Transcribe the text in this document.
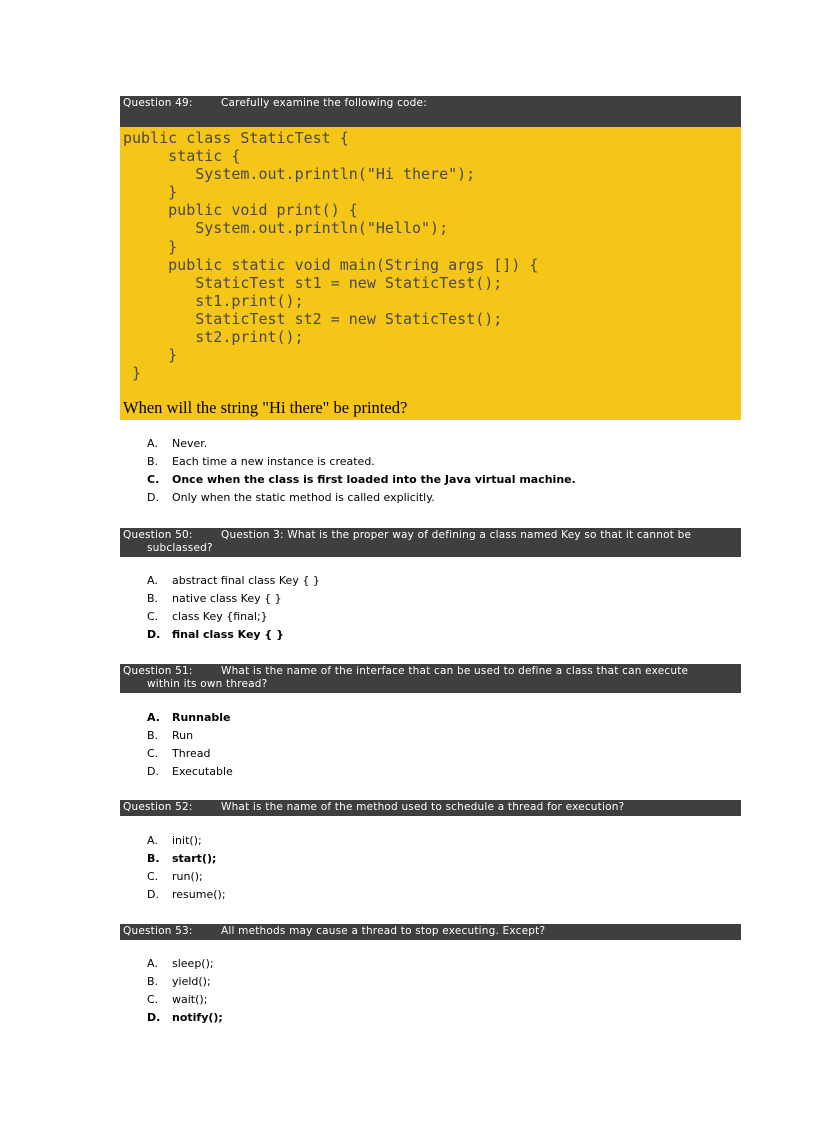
Question 49:	Carefully examine the following code:
public class StaticTest {
static {
System.out.println("Hi there");
}
public void print() {
System.out.println("Hello");
}
public static void main(String args []) {
StaticTest st1 = new StaticTest();
st1.print();
StaticTest st2 = new StaticTest();
st2.print();
}
}
When will the string "Hi there" be printed?
A. Never.
B. Each time a new instance is created.
C. Once when the class is first loaded into the Java virtual machine.
D. Only when the static method is called explicitly.
Question 50:	Question 3: What is the proper way of defining a class named Key so that it cannot be
subclassed?
A. abstract final class Key { }
B. native class Key { }
C. class Key {final;}
D. final class Key { }
Question 51:	What is the name of the interface that can be used to define a class that can execute
within its own thread?
A. Runnable
B. Run
C. Thread
D. Executable
Question 52:	What is the name of the method used to schedule a thread for execution?
A. init();
B. start();
C. run();
D. resume();
Question 53:	All methods may cause a thread to stop executing. Except?
A. sleep();
B. yield();
C. wait();
D. notify();
